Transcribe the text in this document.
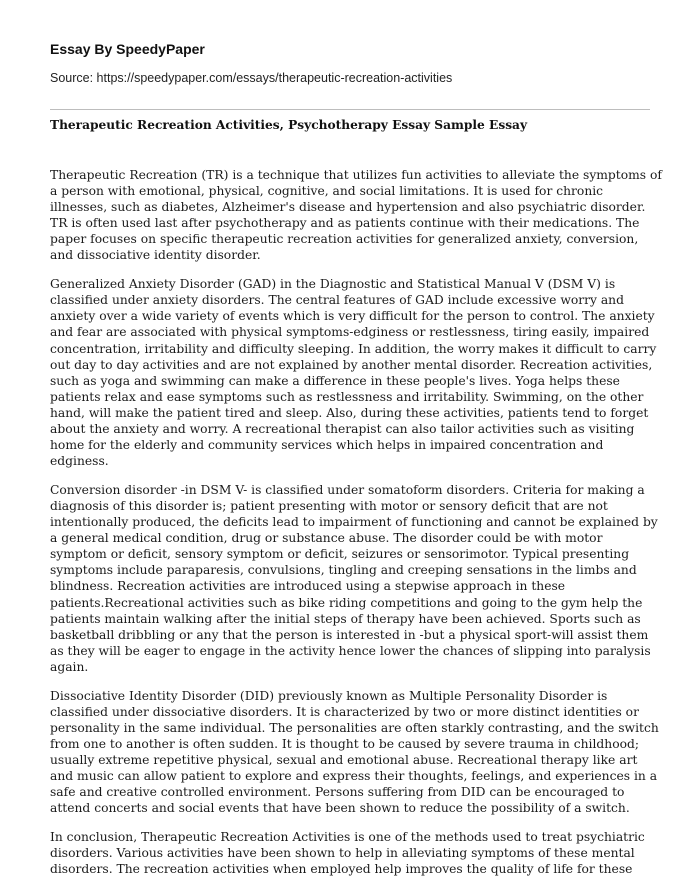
Essay By SpeedyPaper
Source: https://speedypaper.com/essays/therapeutic-recreation-activities
Therapeutic Recreation Activities, Psychotherapy Essay Sample Essay

Therapeutic Recreation (TR) is a technique that utilizes fun activities to alleviate the symptoms of a person with emotional, physical, cognitive, and social limitations. It is used for chronic illnesses, such as diabetes, Alzheimer's disease and hypertension and also psychiatric disorder. TR is often used last after psychotherapy and as patients continue with their medications. The paper focuses on specific therapeutic recreation activities for generalized anxiety, conversion, and dissociative identity disorder.

Generalized Anxiety Disorder (GAD) in the Diagnostic and Statistical Manual V (DSM V) is classified under anxiety disorders. The central features of GAD include excessive worry and anxiety over a wide variety of events which is very difficult for the person to control. The anxiety and fear are associated with physical symptoms-edginess or restlessness, tiring easily, impaired concentration, irritability and difficulty sleeping. In addition, the worry makes it difficult to carry out day to day activities and are not explained by another mental disorder. Recreation activities, such as yoga and swimming can make a difference in these people's lives. Yoga helps these patients relax and ease symptoms such as restlessness and irritability. Swimming, on the other hand, will make the patient tired and sleep. Also, during these activities, patients tend to forget about the anxiety and worry. A recreational therapist can also tailor activities such as visiting home for the elderly and community services which helps in impaired concentration and edginess.

Conversion disorder -in DSM V- is classified under somatoform disorders. Criteria for making a diagnosis of this disorder is; patient presenting with motor or sensory deficit that are not intentionally produced, the deficits lead to impairment of functioning and cannot be explained by a general medical condition, drug or substance abuse. The disorder could be with motor symptom or deficit, sensory symptom or deficit, seizures or sensorimotor. Typical presenting symptoms include paraparesis, convulsions, tingling and creeping sensations in the limbs and blindness. Recreation activities are introduced using a stepwise approach in these patients.Recreational activities such as bike riding competitions and going to the gym help the patients maintain walking after the initial steps of therapy have been achieved. Sports such as basketball dribbling or any that the person is interested in -but a physical sport-will assist them as they will be eager to engage in the activity hence lower the chances of slipping into paralysis again.

Dissociative Identity Disorder (DID) previously known as Multiple Personality Disorder is classified under dissociative disorders. It is characterized by two or more distinct identities or personality in the same individual. The personalities are often starkly contrasting, and the switch from one to another is often sudden. It is thought to be caused by severe trauma in childhood; usually extreme repetitive physical, sexual and emotional abuse. Recreational therapy like art and music can allow patient to explore and express their thoughts, feelings, and experiences in a safe and creative controlled environment. Persons suffering from DID can be encouraged to attend concerts and social events that have been shown to reduce the possibility of a switch.

In conclusion, Therapeutic Recreation Activities is one of the methods used to treat psychiatric disorders. Various activities have been shown to help in alleviating symptoms of these mental disorders. The recreation activities when employed help improves the quality of life for these
